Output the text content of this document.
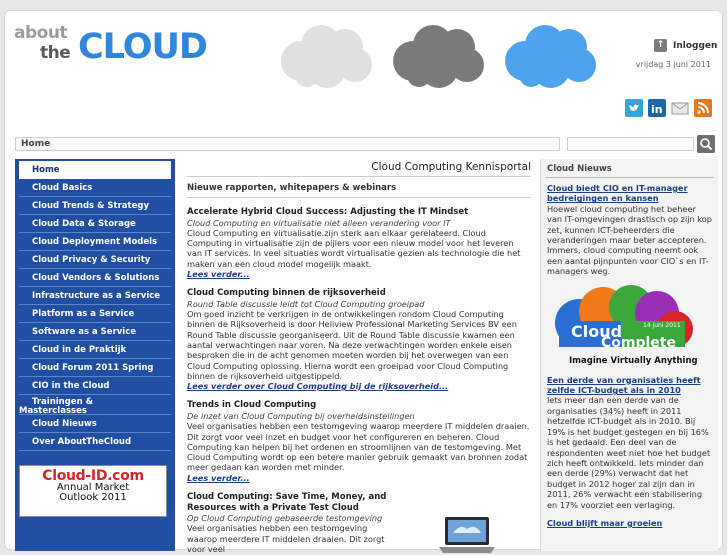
about
the CLOUD	↑ Inloggen
vrijdag 3 juni 2011
in
Home
Home
Cloud Basics
Cloud Trends & Strategy
Cloud Data & Storage
Cloud Deployment Models
Cloud Privacy & Security
Cloud Vendors & Solutions
Infrastructure as a Service
Platform as a Service
Software as a Service
Cloud in de Praktijk
Cloud Forum 2011 Spring
CIO in the Cloud
Trainingen &
Masterclasses
Cloud Nieuws
Over AboutTheCloud
Cloud-ID.com
Annual Market
Outlook 2011
Cloud Computing Kennisportal
Nieuwe rapporten, whitepapers & webinars
Accelerate Hybrid Cloud Success: Adjusting the IT Mindset
Cloud Computing en virtualisatie niet alleen verandering voor IT
Cloud Computing en virtualisatie.zijn sterk aan elkaar gerelateerd. Cloud Computing in virtualisatie zijn de pijlers voor een nieuw model voor het leveren van IT services. In veel situaties wordt virtualisatie gezien als technologie die het maken van een cloud model mogelijk maakt.
Lees verder...
Cloud Computing binnen de rijksoverheid
Round Table discussie leidt tot Cloud Computing groeipad
Om goed inzicht te verkrijgen in de ontwikkelingen rondom Cloud Computing binnen de Rijksoverheid is door Heliview Professional Marketing Services BV een Round Table discussie georganiseerd. Uit de Round Table discussie kwamen een aantal verwachtingen naar voren. Na deze verwachtingen worden enkele eisen besproken die in de acht genomen moeten worden bij het overwegen van een Cloud Computing oplossing. Hierna wordt een groeipad voor Cloud Computing binnen de rijksoverheid uitgestippeld.
Lees verder over Cloud Computing bij de rijksoverheid...
Trends in Cloud Computing
De inzet van Cloud Computing bij overheidsinstellingen
Veel organisaties hebben een testomgeving waarop meerdere IT middelen draaien. Dit zorgt voor veel inzet en budget voor het configureren en beheren. Cloud Computing kan helpen bij het ordenen en stroomlijnen van de testomgeving. Met Cloud Computing wordt op een betere manier gebruik gemaakt van bronnen zodat meer gedaan kan worden met minder.
Lees verder...
Cloud Computing: Save Time, Money, and Resources with a Private Test Cloud
Op Cloud Computing gebaseerde testomgeving
Veel organisaties hebben een testomgeving waarop meerdere IT middelen draaien. Dit zorgt voor veel
Cloud Nieuws
Cloud biedt CIO en IT-manager bedreigingen en kansen
Hoewel cloud computing het beheer van IT-omgevingen drastisch op zijn kop zet, kunnen ICT-beheerders die veranderingen maar beter accepteren. Immers, cloud computing neemt ook een aantal pijnpunten voor CIO`s en IT-managers weg.
Cloud	14 juni 2011
Complete
Imagine Virtually Anything
Een derde van organisaties heeft zelfde ICT-budget als in 2010
Iets meer dan een derde van de organisaties (34%) heeft in 2011 hetzelfde ICT-budget als in 2010. Bij 19% is het budget gestegen en bij 16% is het gedaald. Een deel van de respondenten weet niet hoe het budget zich heeft ontwikkeld. Iets minder dan een derde (29%) verwacht dat het budget in 2012 hoger zal zijn dan in 2011, 26% verwacht een stabilisering en 17% voorziet een verlaging.
Cloud blijft maar groeien
